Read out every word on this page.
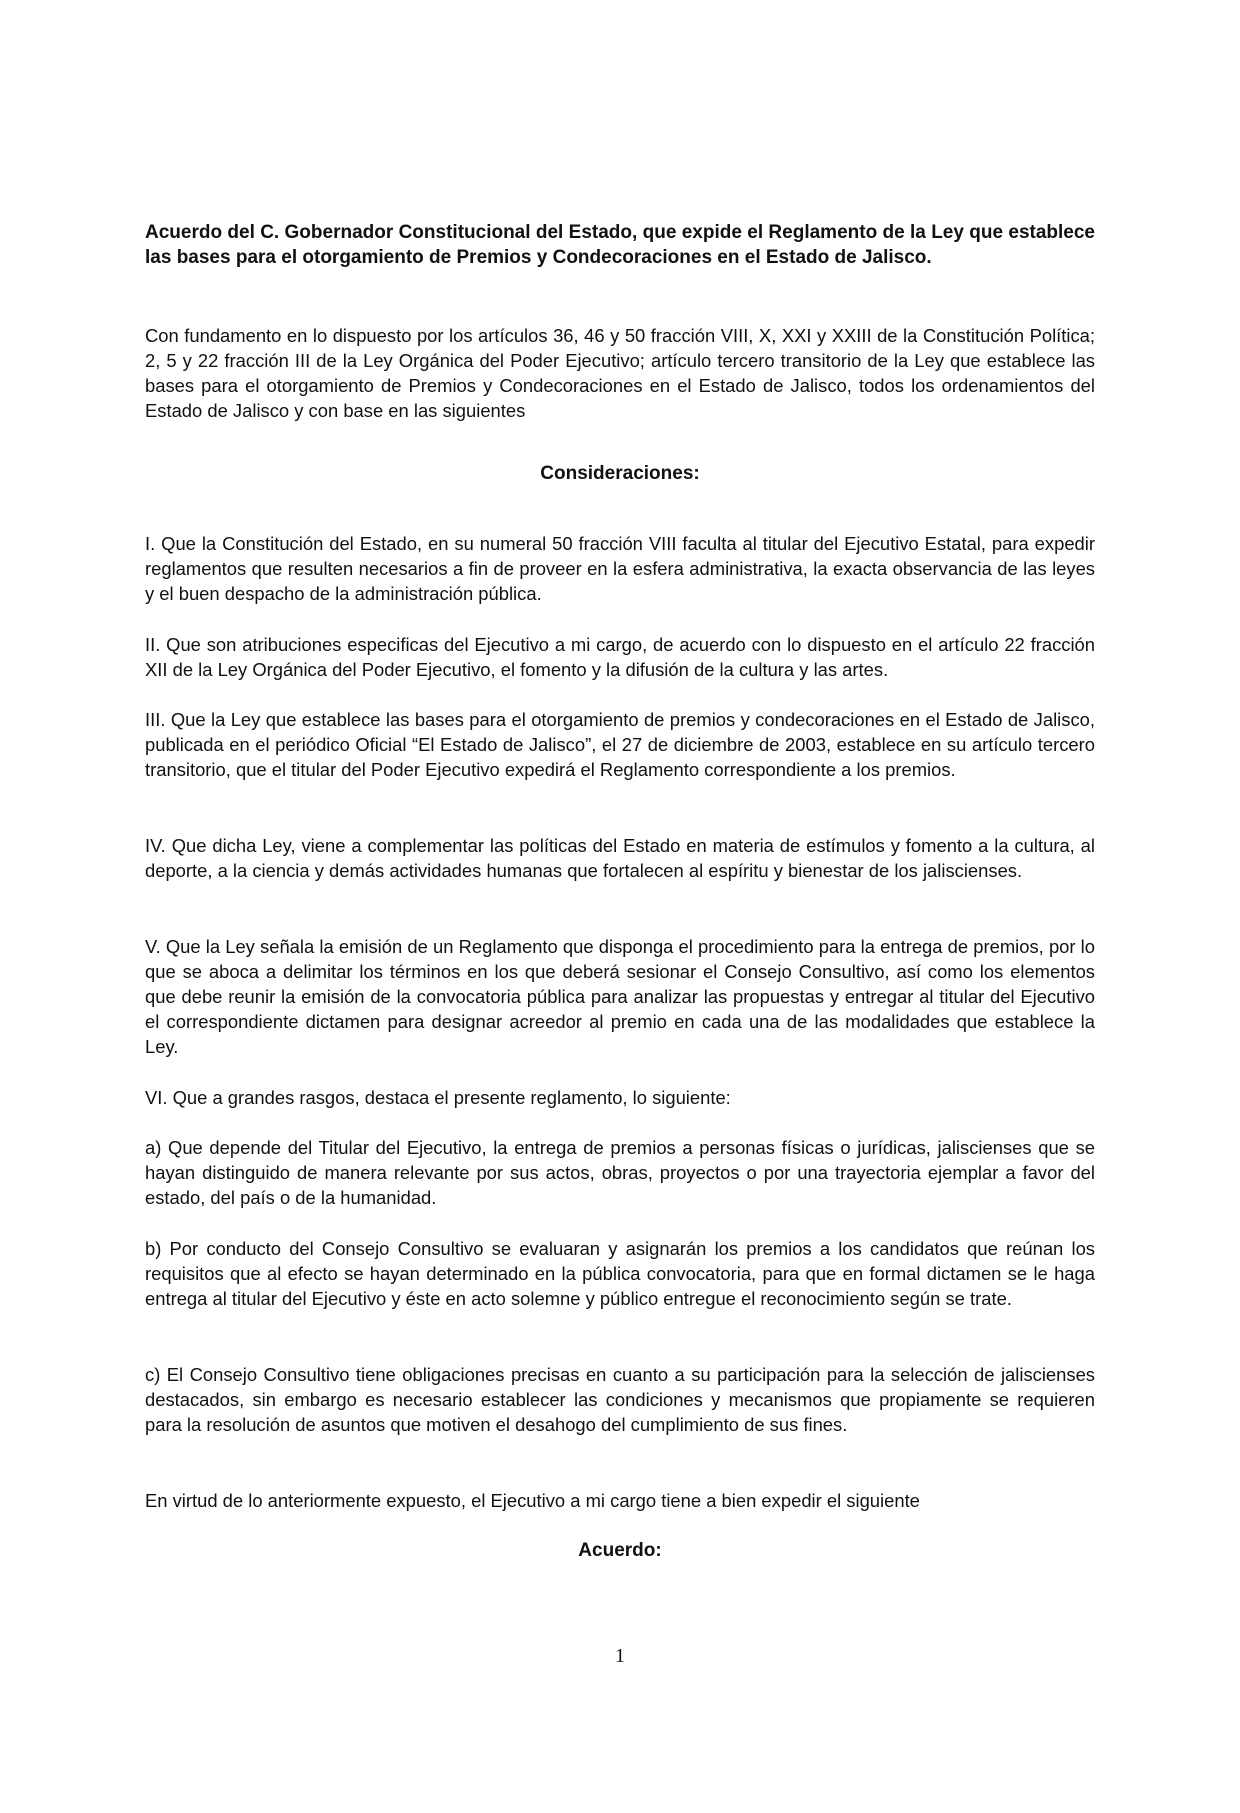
Acuerdo del C. Gobernador Constitucional del Estado, que expide el Reglamento de la Ley que establece las bases para el otorgamiento de Premios y Condecoraciones en el Estado de Jalisco.
Con fundamento en lo dispuesto por los artículos 36, 46 y 50 fracción VIII, X, XXI y XXIII de la Constitución Política; 2, 5 y 22 fracción III de la Ley Orgánica del Poder Ejecutivo; artículo tercero transitorio de la Ley que establece las bases para el otorgamiento de Premios y Condecoraciones en el Estado de Jalisco, todos los ordenamientos del Estado de Jalisco y con base en las siguientes
Consideraciones:
I. Que la Constitución del Estado, en su numeral 50 fracción VIII faculta al titular del Ejecutivo Estatal, para expedir reglamentos que resulten necesarios a fin de proveer en la esfera administrativa, la exacta observancia de las leyes y el buen despacho de la administración pública.
II. Que son atribuciones especificas del Ejecutivo a mi cargo, de acuerdo con lo dispuesto en el artículo 22 fracción XII de la Ley Orgánica del Poder Ejecutivo, el fomento y la difusión de la cultura y las artes.
III. Que la Ley que establece las bases para el otorgamiento de premios y condecoraciones en el Estado de Jalisco, publicada en el periódico Oficial “El Estado de Jalisco”, el 27 de diciembre de 2003, establece en su artículo tercero transitorio, que el titular del Poder Ejecutivo expedirá el Reglamento correspondiente a los premios.
IV. Que dicha Ley, viene a complementar las políticas del Estado en materia de estímulos y fomento a la cultura, al deporte, a la ciencia y demás actividades humanas que fortalecen al espíritu y bienestar de los jaliscienses.
V. Que la Ley señala la emisión de un Reglamento que disponga el procedimiento para la entrega de premios, por lo que se aboca a delimitar los términos en los que deberá sesionar el Consejo Consultivo, así como los elementos que debe reunir la emisión de la convocatoria pública para analizar las propuestas y entregar al titular del Ejecutivo el correspondiente dictamen para designar acreedor al premio en cada una de las modalidades que establece la Ley.
VI. Que a grandes rasgos, destaca el presente reglamento, lo siguiente:
a) Que depende del Titular del Ejecutivo, la entrega de premios a personas físicas o jurídicas, jaliscienses que se hayan distinguido de manera relevante por sus actos, obras, proyectos o por una trayectoria ejemplar a favor del estado, del país o de la humanidad.
b) Por conducto del Consejo Consultivo se evaluaran y asignarán los premios a los candidatos que reúnan los requisitos que al efecto se hayan determinado en la pública convocatoria, para que en formal dictamen se le haga entrega al titular del Ejecutivo y éste en acto solemne y público entregue el reconocimiento según se trate.
c) El Consejo Consultivo tiene obligaciones precisas en cuanto a su participación para la selección de jaliscienses destacados, sin embargo es necesario establecer las condiciones y mecanismos que propiamente se requieren para la resolución de asuntos que motiven el desahogo del cumplimiento de sus fines.
En virtud de lo anteriormente expuesto, el Ejecutivo a mi cargo tiene a bien expedir el siguiente
Acuerdo:
1
